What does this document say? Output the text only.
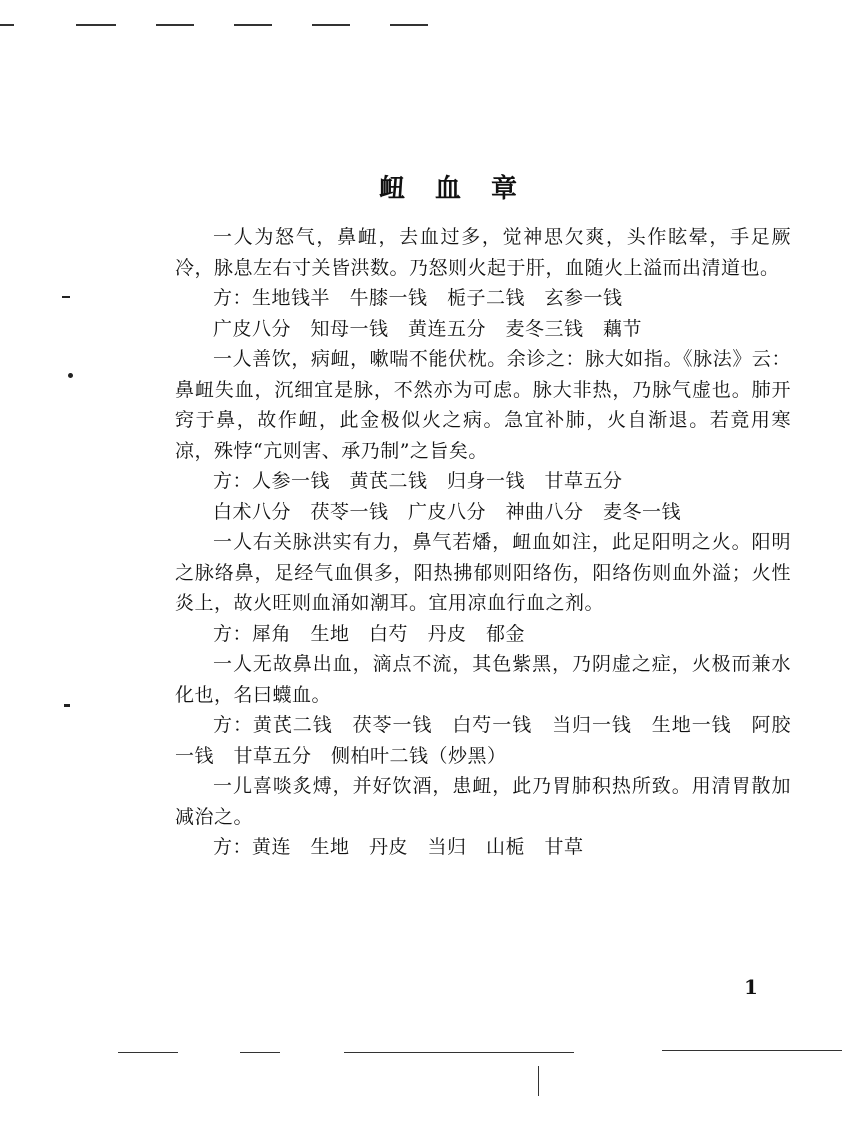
衄血章

一人为怒气，鼻衄，去血过多，觉神思欠爽，头作眩晕，手足厥冷，脉息左右寸关皆洪数。乃怒则火起于肝，血随火上溢而出清道也。

方：生地钱半　牛膝一钱　栀子二钱　玄参一钱

广皮八分　知母一钱　黄连五分　麦冬三钱　藕节

一人善饮，病衄，嗽喘不能伏枕。余诊之：脉大如指。《脉法》云：鼻衄失血，沉细宜是脉，不然亦为可虑。脉大非热，乃脉气虚也。肺开窍于鼻，故作衄，此金极似火之病。急宜补肺，火自渐退。若竟用寒凉，殊悖“亢则害、承乃制”之旨矣。

方：人参一钱　黄芪二钱　归身一钱　甘草五分

白术八分　茯苓一钱　广皮八分　神曲八分　麦冬一钱

一人右关脉洪实有力，鼻气若燔，衄血如注，此足阳明之火。阳明之脉络鼻，足经气血俱多，阳热拂郁则阳络伤，阳络伤则血外溢；火性炎上，故火旺则血涌如潮耳。宜用凉血行血之剂。

方：犀角　生地　白芍　丹皮　郁金

一人无故鼻出血，滴点不流，其色紫黑，乃阴虚之症，火极而兼水化也，名曰蠛血。

方：黄芪二钱　茯苓一钱　白芍一钱　当归一钱　生地一钱　阿胶一钱　甘草五分　侧柏叶二钱（炒黑）

一儿喜啖炙煿，并好饮酒，患衄，此乃胃肺积热所致。用清胃散加减治之。

方：黄连　生地　丹皮　当归　山栀　甘草

1
